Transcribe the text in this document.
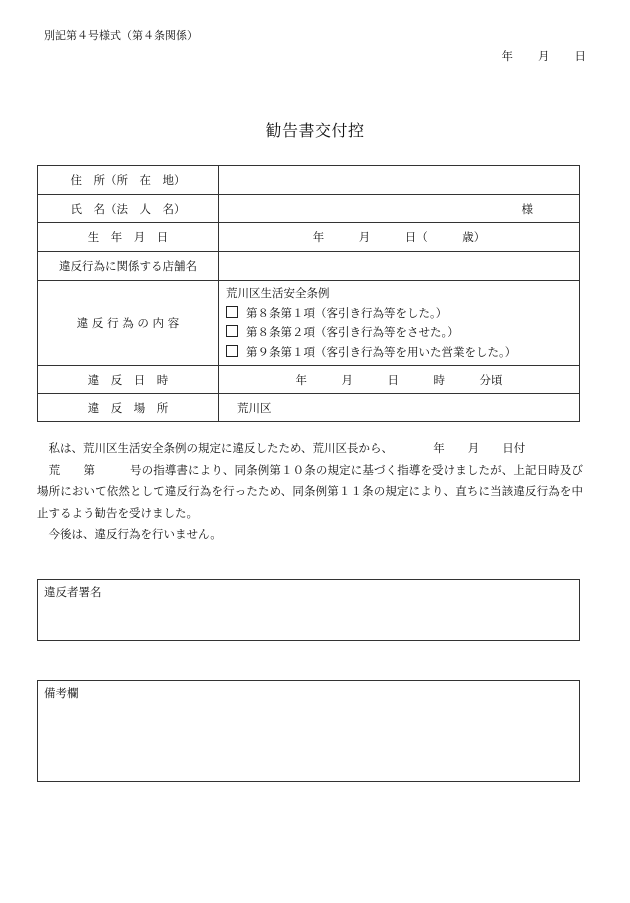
別記第４号様式（第４条関係）
年 月 日
勧告書交付控
住　所（所　在　地）	
氏　名（法　人　名）	様
生　年　月　日	年　　　月　　　日（　　　歳）
違反行為に関係する店舗名	
違 反 行 為 の 内 容	荒川区生活安全条例
第８条第１項（客引き行為等をした。）
第８条第２項（客引き行為等をさせた。）
第９条第１項（客引き行為等を用いた営業をした。）

違　反　日　時	年　　　月　　　日　　　時　　　分頃
違　反　場　所	荒川区

　私は、荒川区生活安全条例の規定に違反したため、荒川区長から、　　　　年　　月　　日付

　荒　　第　　　号の指導書により、同条例第１０条の規定に基づく指導を受けましたが、上記日時及び場所において依然として違反行為を行ったため、同条例第１１条の規定により、直ちに当該違反行為を中止するよう勧告を受けました。

　今後は、違反行為を行いません。

違反者署名
備考欄
